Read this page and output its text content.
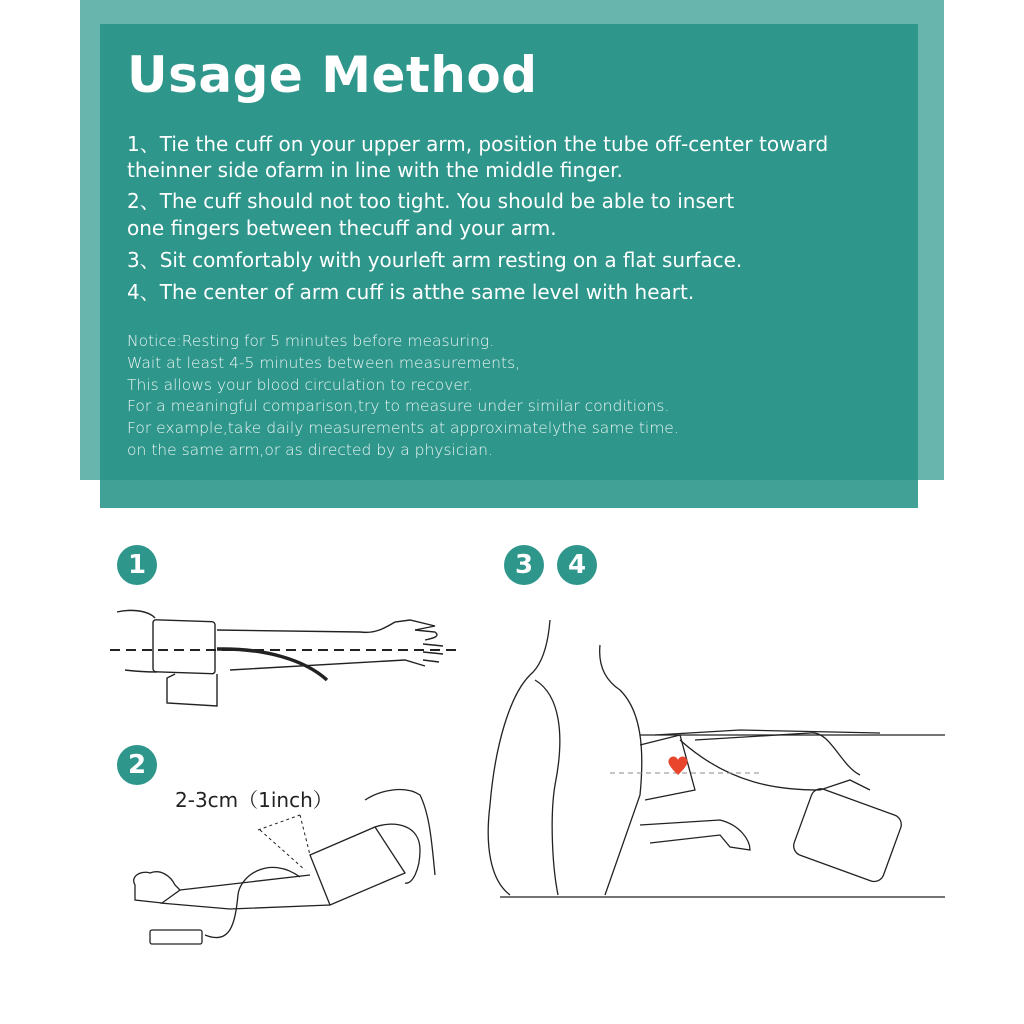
Usage Method

1、Tie the cuff on your upper arm, position the tube off-center toward

theinner side ofarm in line with the middle finger.

2、The cuff should not too tight. You should be able to insert

one fingers between thecuff and your arm.

3、Sit comfortably with yourleft arm resting on a flat surface.

4、The center of arm cuff is atthe same level with heart.

Notice:Resting for 5 minutes before measuring.
Wait at least 4-5 minutes between measurements,
This allows your blood circulation to recover.
For a meaningful comparison,try to measure under similar conditions.
For example,take daily measurements at approximatelythe same time.
on the same arm,or as directed by a physician.
1
2
3	4
2-3cm（1inch）
